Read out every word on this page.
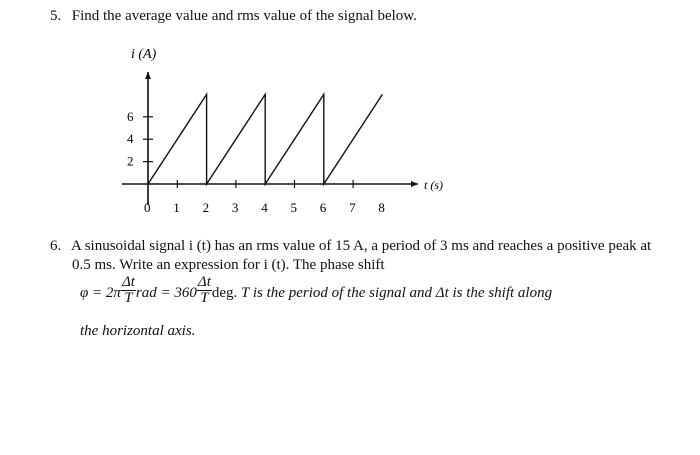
5. Find the average value and rms value of the signal below.
i (A)
t (s)
0 1 2 3 4 5 6 7 8
2
4
6
6. A sinusoidal signal i (t) has an rms value of 15 A, a period of 3 ms and reaches a positive peak at
0.5 ms. Write an expression for i (t). The phase shift
$\varphi = 2\pi \frac{\Delta t}{T}$ rad = $360 \frac{\Delta t}{T}$ deg. T is the period of the signal and Δt is the shift along
the horizontal axis.
